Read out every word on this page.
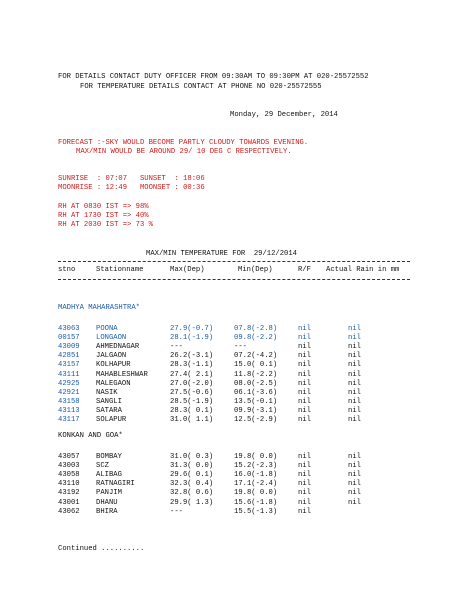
FOR DETAILS CONTACT DUTY OFFICER FROM 09:30AM TO 09:30PM AT 020-25572552
FOR TEMPERATURE DETAILS CONTACT AT PHONE NO 020-25572555
Monday, 29 December, 2014
FORECAST :-SKY WOULD BECOME PARTLY CLOUDY TOWARDS EVENING.
MAX/MIN WOULD BE AROUND 29/ 10 DEG C RESPECTIVELY.
SUNRISE  : 07:07   SUNSET  : 18:06
MOONRISE : 12:49   MOONSET : 00:36
RH AT 0830 IST => 98%
RH AT 1730 IST => 40%
RH AT 2030 IST => 73 %
MAX/MIN TEMPERATURE FOR  29/12/2014
stno	Stationname	Max(Dep)	Min(Dep)	R/F Actual Rain in mm
MADHYA MAHARASHTRA*
43063 POONA	27.9(-0.7)	07.8(-2.8)	nil	nil
00157 LONGAON	28.1(-1.9)	09.8(-2.2)	nil	nil
43009 AHMEDNAGAR	---	---	nil	nil
42851 JALGAON	26.2(-3.1)	07.2(-4.2)	nil	nil
43157 KOLHAPUR	28.3(-1.1)	15.0( 0.1)	nil	nil
43111 MAHABLESHWAR	27.4( 2.1)	11.8(-2.2)	nil	nil
42925 MALEGAON	27.0(-2.0)	08.0(-2.5)	nil	nil
42921 NASIK	27.5(-0.6)	06.1(-3.6)	nil	nil
43158 SANGLI	28.5(-1.9)	13.5(-0.1)	nil	nil
43113 SATARA	28.3( 0.1)	09.9(-3.1)	nil	nil
43117 SOLAPUR	31.0( 1.1)	12.5(-2.9)	nil	nil
KONKAN AND GOA*
43057 BOMBAY	31.0( 0.3)	19.8( 0.0)	nil	nil
43003 SCZ	31.3( 0.0)	15.2(-2.3)	nil	nil
43058 ALIBAG	29.6( 0.1)	16.0(-1.8)	nil	nil
43110 RATNAGIRI	32.3( 0.4)	17.1(-2.4)	nil	nil
43192 PANJIM	32.8( 0.6)	19.8( 0.0)	nil	nil
43001 DHANU	29.9( 1.3)	15.6(-1.8)	nil	nil
43062 BHIRA	---	15.5(-1.3)	nil
Continued ..........
